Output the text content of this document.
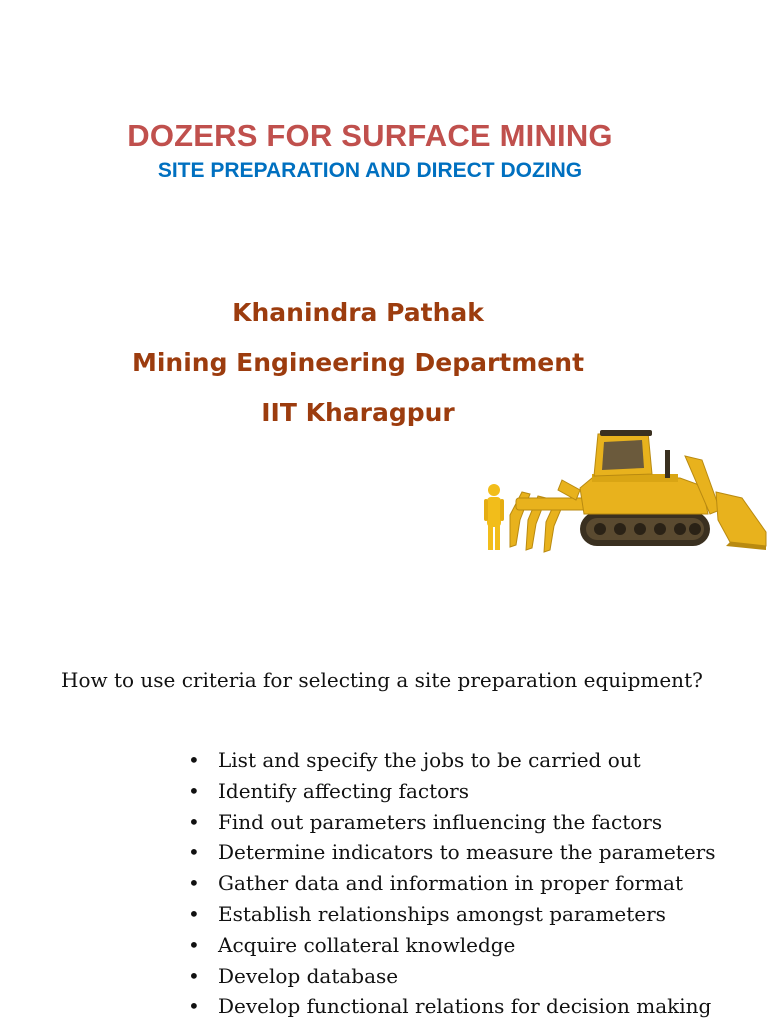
DOZERS FOR SURFACE MINING
SITE PREPARATION AND DIRECT DOZING
Khanindra Pathak
Mining Engineering Department
IIT Kharagpur

How to use criteria for selecting a site preparation equipment?

• List and specify the jobs to be carried out
• Identify affecting factors
• Find out parameters influencing the factors
• Determine indicators to measure the parameters
• Gather data and information in proper format
• Establish relationships amongst parameters
• Acquire collateral knowledge
• Develop database
• Develop functional relations for decision making
